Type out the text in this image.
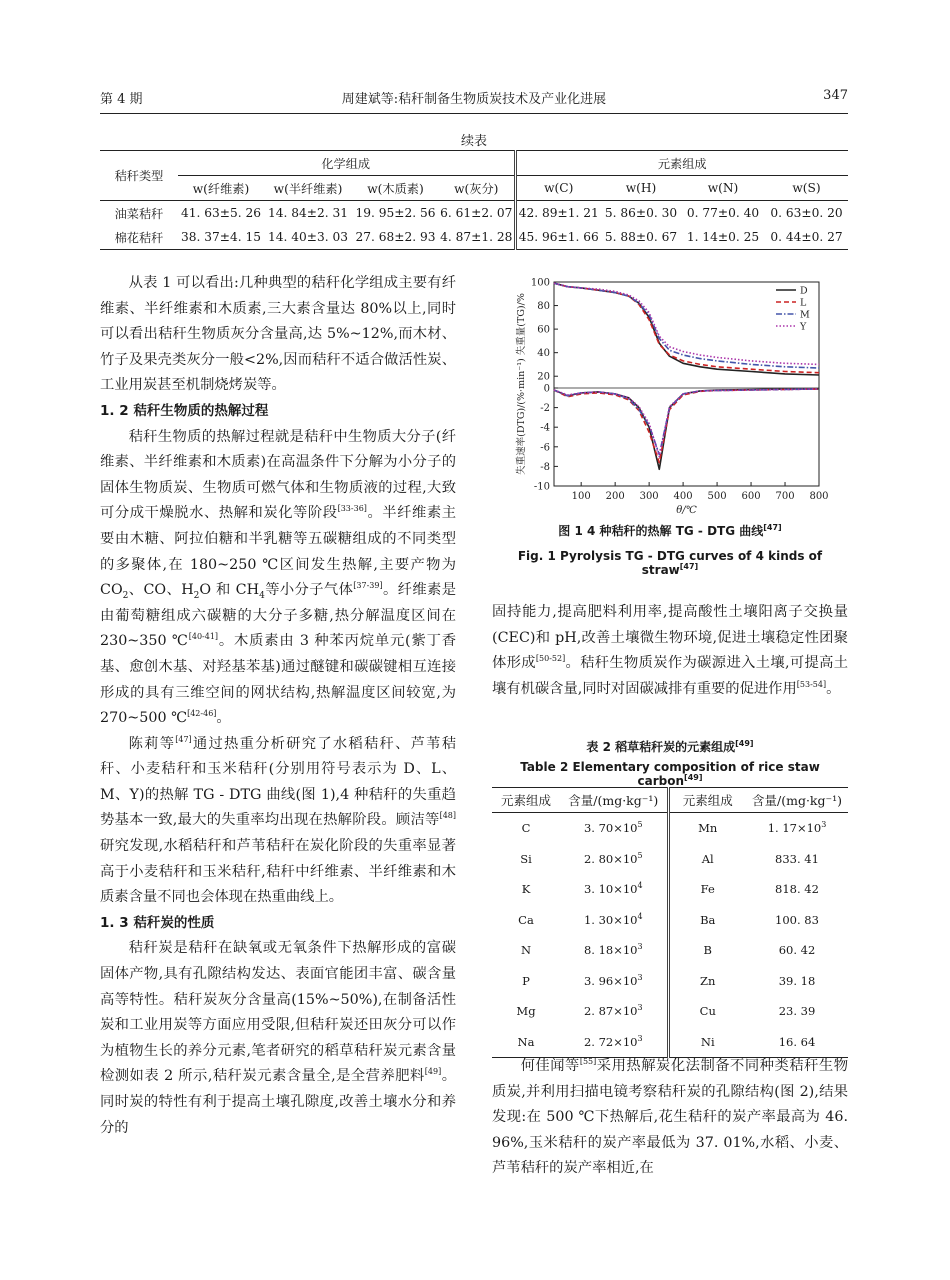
第 4 期	周建斌等:秸秆制备生物质炭技术及产业化进展	347
续表
秸秆类型	化学组成				元素组成			
	w(纤维素)	w(半纤维素)	w(木质素)	w(灰分)	w(C)	w(H)	w(N)	w(S)
油菜秸秆	41. 63±5. 26	14. 84±2. 31	19. 95±2. 56	6. 61±2. 07	42. 89±1. 21	5. 86±0. 30	0. 77±0. 40	0. 63±0. 20
棉花秸秆	38. 37±4. 15	14. 40±3. 03	27. 68±2. 93	4. 87±1. 28	45. 96±1. 66	5. 88±0. 67	1. 14±0. 25	0. 44±0. 27

从表 1 可以看出:几种典型的秸秆化学组成主要有纤维素、半纤维素和木质素,三大素含量达 80%以上,同时可以看出秸秆生物质灰分含量高,达 5%~12%,而木材、竹子及果壳类灰分一般<2%,因而秸秆不适合做活性炭、工业用炭甚至机制烧烤炭等。

1. 2 秸秆生物质的热解过程

秸秆生物质的热解过程就是秸秆中生物质大分子(纤维素、半纤维素和木质素)在高温条件下分解为小分子的固体生物质炭、生物质可燃气体和生物质液的过程,大致可分成干燥脱水、热解和炭化等阶段[33-36]。半纤维素主要由木糖、阿拉伯糖和半乳糖等五碳糖组成的不同类型的多聚体,在 180~250 ℃区间发生热解,主要产物为 $CO_2$、CO、$H_2O$ 和 $CH_4$等小分子气体[37-39]。纤维素是由葡萄糖组成六碳糖的大分子多糖,热分解温度区间在 230~350 ℃[40-41]。木质素由 3 种苯丙烷单元(紫丁香基、愈创木基、对羟基苯基)通过醚键和碳碳键相互连接形成的具有三维空间的网状结构,热解温度区间较宽,为 270~500 ℃[42-46]。

陈莉等[47]通过热重分析研究了水稻秸秆、芦苇秸秆、小麦秸秆和玉米秸秆(分别用符号表示为 D、L、M、Y)的热解 TG - DTG 曲线(图 1),4 种秸秆的失重趋势基本一致,最大的失重率均出现在热解阶段。顾洁等[48]研究发现,水稻秸秆和芦苇秸秆在炭化阶段的失重率显著高于小麦秸秆和玉米秸秆,秸秆中纤维素、半纤维素和木质素含量不同也会体现在热重曲线上。

1. 3 秸秆炭的性质

秸秆炭是秸秆在缺氧或无氧条件下热解形成的富碳固体产物,具有孔隙结构发达、表面官能团丰富、碳含量高等特性。秸秆炭灰分含量高(15%~50%),在制备活性炭和工业用炭等方面应用受限,但秸秆炭还田灰分可以作为植物生长的养分元素,笔者研究的稻草秸秆炭元素含量检测如表 2 所示,秸秆炭元素含量全,是全营养肥料[49]。同时炭的特性有利于提高土壤孔隙度,改善土壤水分和养分的

100 200 300 400 500 600 700 800
20
40
60
80
100
0
-2
-4
-6
-8
-10
D
L
M
Y
失重速率(DTG)/(%·min⁻¹) 失重量(TG)/%
θ/℃
图 1 4 种秸秆的热解 TG - DTG 曲线[47]
Fig. 1 Pyrolysis TG - DTG curves of 4 kinds of straw[47]

固持能力,提高肥料利用率,提高酸性土壤阳离子交换量(CEC)和 pH,改善土壤微生物环境,促进土壤稳定性团聚体形成[50-52]。秸秆生物质炭作为碳源进入土壤,可提高土壤有机碳含量,同时对固碳减排有重要的促进作用[53-54]。

表 2 稻草秸秆炭的元素组成[49]
Table 2 Elementary composition of rice staw carbon[49]
元素组成	含量/(mg·kg⁻¹)	元素组成	含量/(mg·kg⁻¹)
C	3. $70\times 10^5$	Mn	1. $17\times 10^3$
Si	2. $80\times 10^5$	Al	833. 41
K	3. $10\times 10^4$	Fe	818. 42
Ca	1. $30\times 10^4$	Ba	100. 83
N	8. $18\times 10^3$	B	60. 42
P	3. $96\times 10^3$	Zn	39. 18
Mg	2. $87\times 10^3$	Cu	23. 39
Na	2. $72\times 10^3$	Ni	16. 64

何佳闻等[55]采用热解炭化法制备不同种类秸秆生物质炭,并利用扫描电镜考察秸秆炭的孔隙结构(图 2),结果发现:在 500 ℃下热解后,花生秸秆的炭产率最高为 46. 96%,玉米秸秆的炭产率最低为 37. 01%,水稻、小麦、芦苇秸秆的炭产率相近,在
